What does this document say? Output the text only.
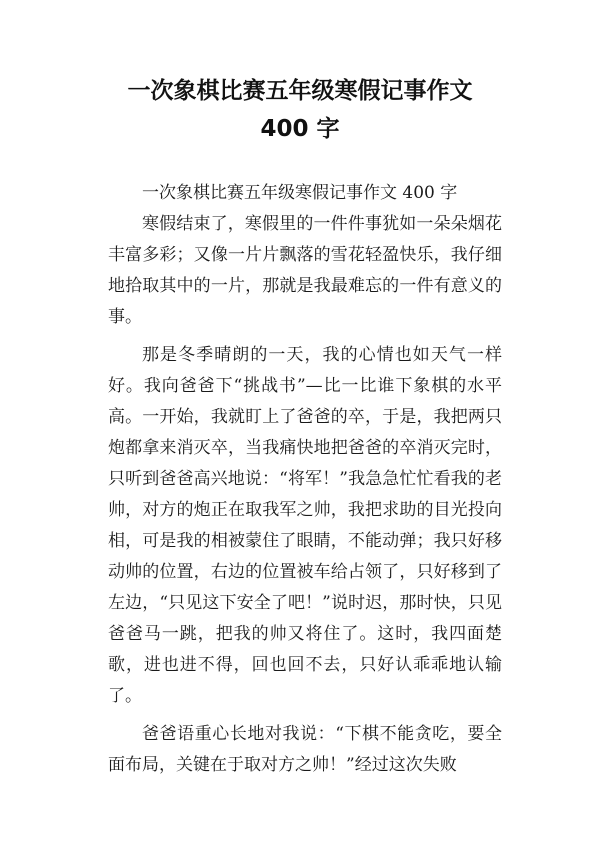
一次象棋比赛五年级寒假记事作文
400 字

一次象棋比赛五年级寒假记事作文 400 字

寒假结束了，寒假里的一件件事犹如一朵朵烟花丰富多彩；又像一片片飘落的雪花轻盈快乐，我仔细地拾取其中的一片，那就是我最难忘的一件有意义的事。

那是冬季晴朗的一天，我的心情也如天气一样好。我向爸爸下“挑战书”—比一比谁下象棋的水平高。一开始，我就盯上了爸爸的卒，于是，我把两只炮都拿来消灭卒，当我痛快地把爸爸的卒消灭完时，只听到爸爸高兴地说：“将军！”我急急忙忙看我的老帅，对方的炮正在取我军之帅，我把求助的目光投向相，可是我的相被蒙住了眼睛，不能动弹；我只好移动帅的位置，右边的位置被车给占领了，只好移到了左边，“只见这下安全了吧！”说时迟，那时快，只见爸爸马一跳，把我的帅又将住了。这时，我四面楚歌，进也进不得，回也回不去，只好认乖乖地认输了。

爸爸语重心长地对我说：“下棋不能贪吃，要全面布局，关键在于取对方之帅！”经过这次失败
